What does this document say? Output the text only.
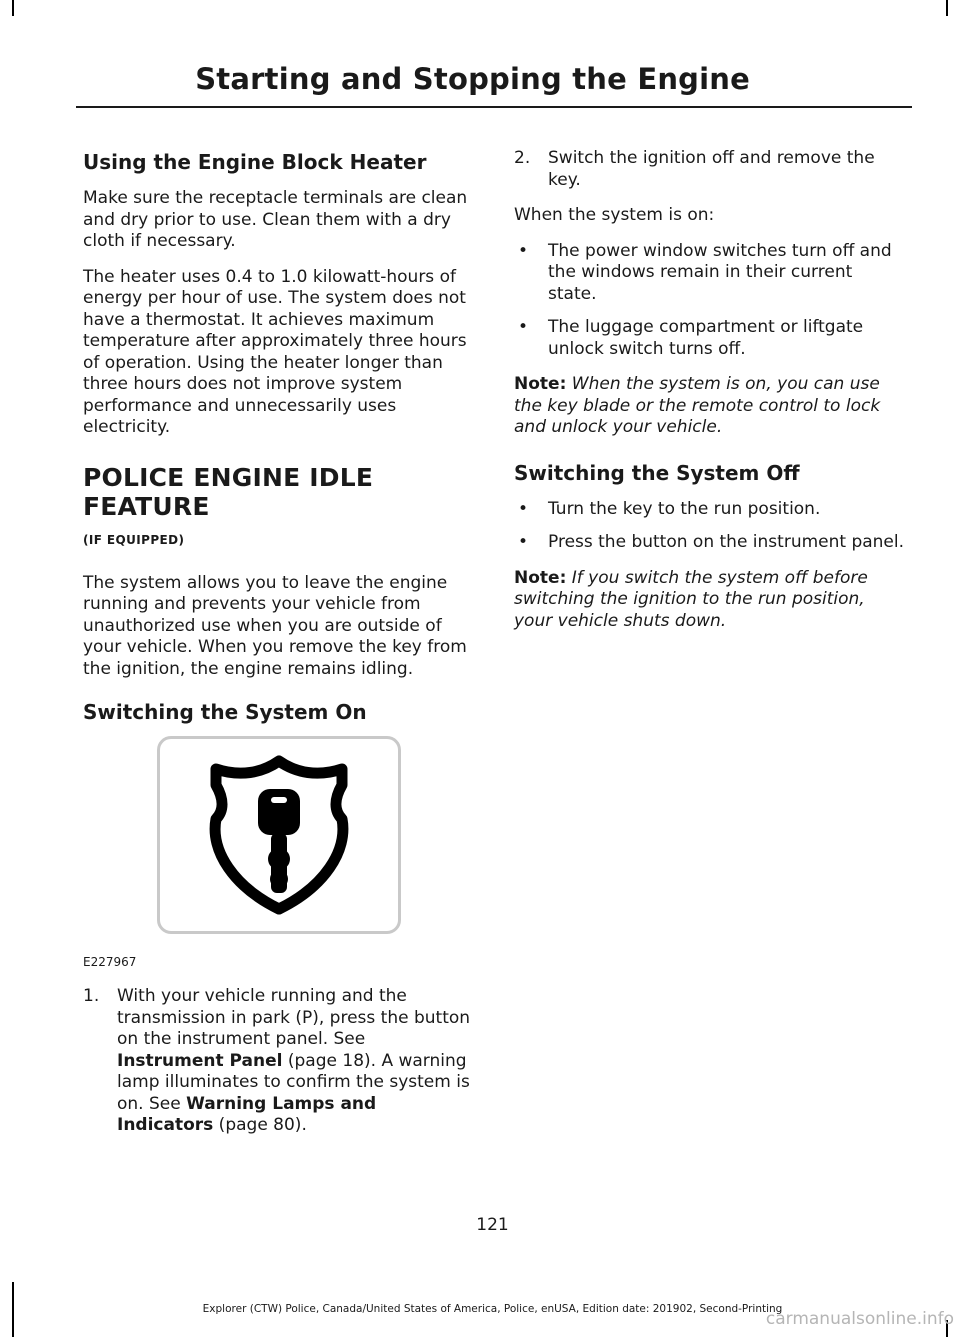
Starting and Stopping the Engine
Using the Engine Block Heater

Make sure the receptacle terminals are clean and dry prior to use. Clean them with a dry cloth if necessary.

The heater uses 0.4 to 1.0 kilowatt-hours of energy per hour of use. The system does not have a thermostat. It achieves maximum temperature after approximately three hours of operation. Using the heater longer than three hours does not improve system performance and unnecessarily uses electricity.

POLICE ENGINE IDLE FEATURE
(IF EQUIPPED)

The system allows you to leave the engine running and prevents your vehicle from unauthorized use when you are outside of your vehicle. When you remove the key from the ignition, the engine remains idling.

Switching the System On
E227967
1. With your vehicle running and the transmission in park (P), press the button on the instrument panel. See Instrument Panel (page 18). A warning lamp illuminates to confirm the system is on. See Warning Lamps and Indicators (page 80).
2. Switch the ignition off and remove the key.

When the system is on:

• The power window switches turn off and the windows remain in their current state.
• The luggage compartment or liftgate unlock switch turns off.

Note: When the system is on, you can use the key blade or the remote control to lock and unlock your vehicle.

Switching the System Off
• Turn the key to the run position.
• Press the button on the instrument panel.

Note: If you switch the system off before switching the ignition to the run position, your vehicle shuts down.

121
Explorer (CTW) Police, Canada/United States of America, Police, enUSA, Edition date: 201902, Second-Printing
carmanualsonline.info
